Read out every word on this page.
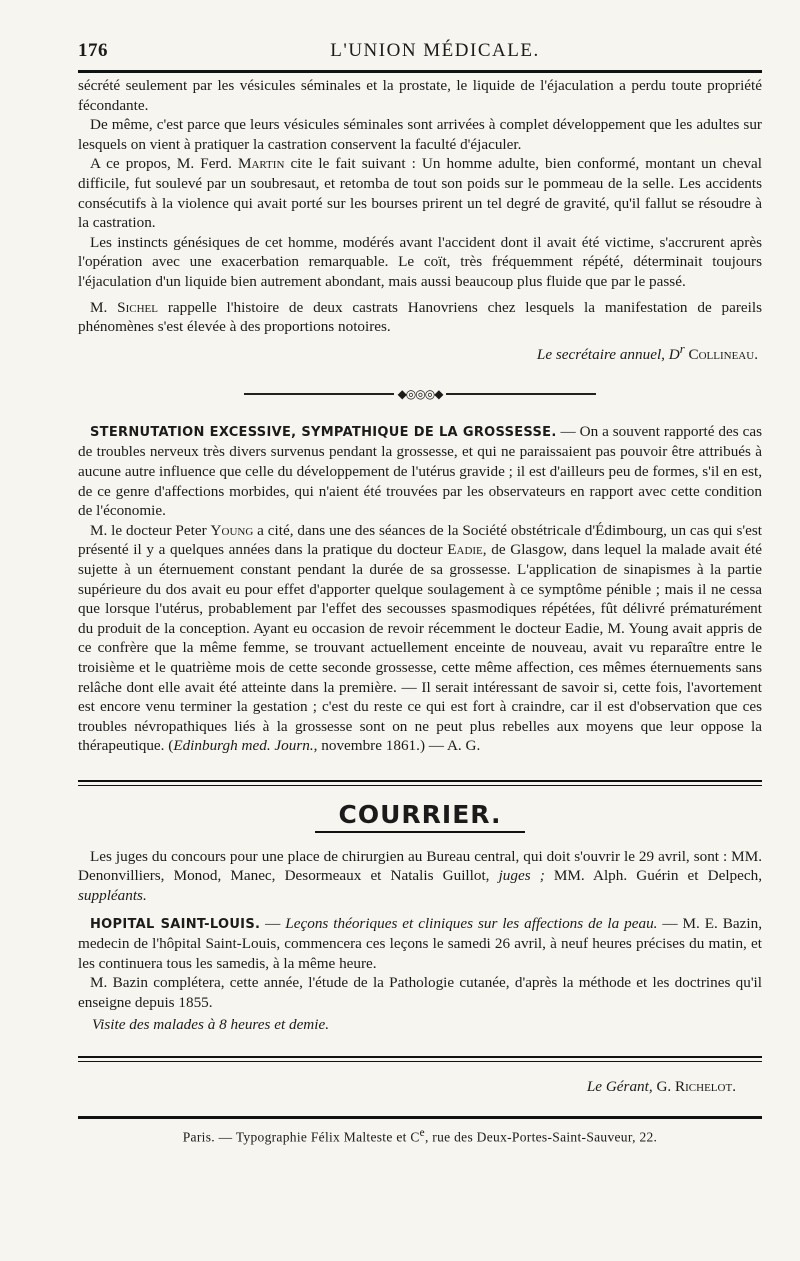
176	L'UNION MÉDICALE.

sécrété seulement par les vésicules séminales et la prostate, le liquide de l'éjaculation a perdu toute propriété fécondante.

De même, c'est parce que leurs vésicules séminales sont arrivées à complet développement que les adultes sur lesquels on vient à pratiquer la castration conservent la faculté d'éjaculer.

A ce propos, M. Ferd. Martin cite le fait suivant : Un homme adulte, bien conformé, montant un cheval difficile, fut soulevé par un soubresaut, et retomba de tout son poids sur le pommeau de la selle. Les accidents consécutifs à la violence qui avait porté sur les bourses prirent un tel degré de gravité, qu'il fallut se résoudre à la castration.

Les instincts génésiques de cet homme, modérés avant l'accident dont il avait été victime, s'accrurent après l'opération avec une exacerbation remarquable. Le coït, très fréquemment répété, déterminait toujours l'éjaculation d'un liquide bien autrement abondant, mais aussi beaucoup plus fluide que par le passé.

M. Sichel rappelle l'histoire de deux castrats Hanovriens chez lesquels la manifestation de pareils phénomènes s'est élevée à des proportions notoires.

Le secrétaire annuel, $D^r$ Collineau.
◆◎◎◎◆

STERNUTATION EXCESSIVE, SYMPATHIQUE DE LA GROSSESSE. — On a souvent rapporté des cas de troubles nerveux très divers survenus pendant la grossesse, et qui ne paraissaient pas pouvoir être attribués à aucune autre influence que celle du développement de l'utérus gravide ; il est d'ailleurs peu de formes, s'il en est, de ce genre d'affections morbides, qui n'aient été trouvées par les observateurs en rapport avec cette condition de l'économie.

M. le docteur Peter Young a cité, dans une des séances de la Société obstétricale d'Édimbourg, un cas qui s'est présenté il y a quelques années dans la pratique du docteur Eadie, de Glasgow, dans lequel la malade avait été sujette à un éternuement constant pendant la durée de sa grossesse. L'application de sinapismes à la partie supérieure du dos avait eu pour effet d'apporter quelque soulagement à ce symptôme pénible ; mais il ne cessa que lorsque l'utérus, probablement par l'effet des secousses spasmodiques répétées, fût délivré prématurément du produit de la conception. Ayant eu occasion de revoir récemment le docteur Eadie, M. Young avait appris de ce confrère que la même femme, se trouvant actuellement enceinte de nouveau, avait vu reparaître entre le troisième et le quatrième mois de cette seconde grossesse, cette même affection, ces mêmes éternuements sans relâche dont elle avait été atteinte dans la première. — Il serait intéressant de savoir si, cette fois, l'avortement est encore venu terminer la gestation ; c'est du reste ce qui est fort à craindre, car il est d'observation que ces troubles névropathiques liés à la grossesse sont on ne peut plus rebelles aux moyens que leur oppose la thérapeutique. (Edinburgh med. Journ., novembre 1861.) — A. G.

COURRIER.

Les juges du concours pour une place de chirurgien au Bureau central, qui doit s'ouvrir le 29 avril, sont : MM. Denonvilliers, Monod, Manec, Desormeaux et Natalis Guillot, juges ; MM. Alph. Guérin et Delpech, suppléants.

HOPITAL SAINT-LOUIS. — Leçons théoriques et cliniques sur les affections de la peau. — M. E. Bazin, medecin de l'hôpital Saint-Louis, commencera ces leçons le samedi 26 avril, à neuf heures précises du matin, et les continuera tous les samedis, à la même heure.

M. Bazin complétera, cette année, l'étude de la Pathologie cutanée, d'après la méthode et les doctrines qu'il enseigne depuis 1855.

Visite des malades à 8 heures et demie.

Le Gérant, G. Richelot.
Paris. — Typographie Félix Malteste et Ce, rue des Deux-Portes-Saint-Sauveur, 22.
